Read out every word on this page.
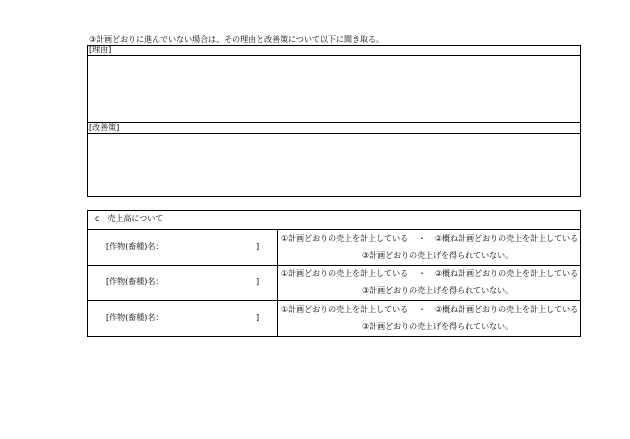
③計画どおりに進んでいない場合は、その理由と改善策について以下に聞き取る。
[理由]
[改善策]
c　売上高について
[作物(畜種)名：	]
①計画どおりの売上を計上している ・ ②概ね計画どおりの売上を計上している
③計画どおりの売上げを得られていない。
[作物(畜種)名：	]
①計画どおりの売上を計上している ・ ②概ね計画どおりの売上を計上している
③計画どおりの売上げを得られていない。
[作物(畜種)名：	]
①計画どおりの売上を計上している ・ ②概ね計画どおりの売上を計上している
③計画どおりの売上げを得られていない。
